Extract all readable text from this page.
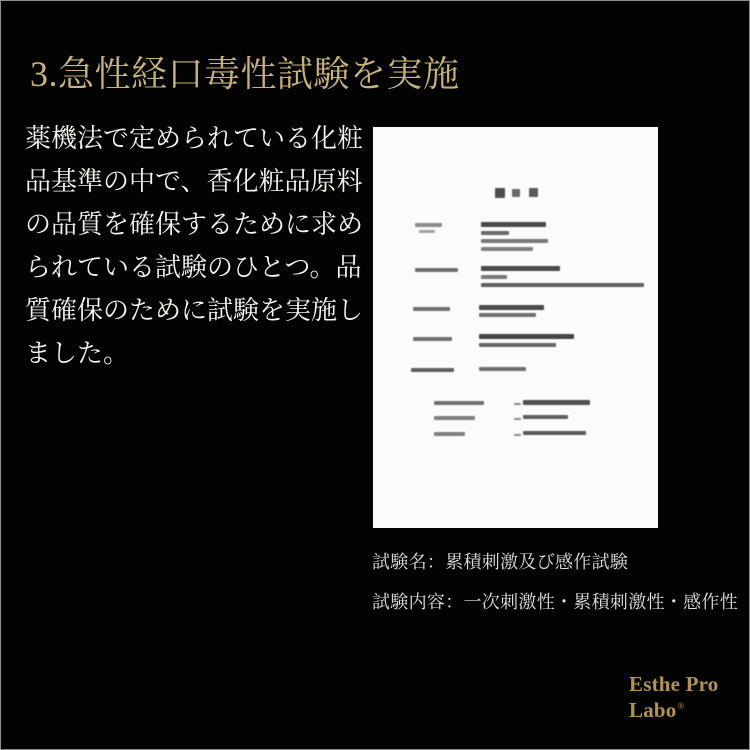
3.急性経口毒性試験を実施
薬機法で定められている化粧
品基準の中で、香化粧品原料
の品質を確保するために求め
られている試験のひとつ。品
質確保のために試験を実施し
ました。
試験名：累積刺激及び感作試験
試験内容：一次刺激性・累積刺激性・感作性
Esthe Pro
Labo®
